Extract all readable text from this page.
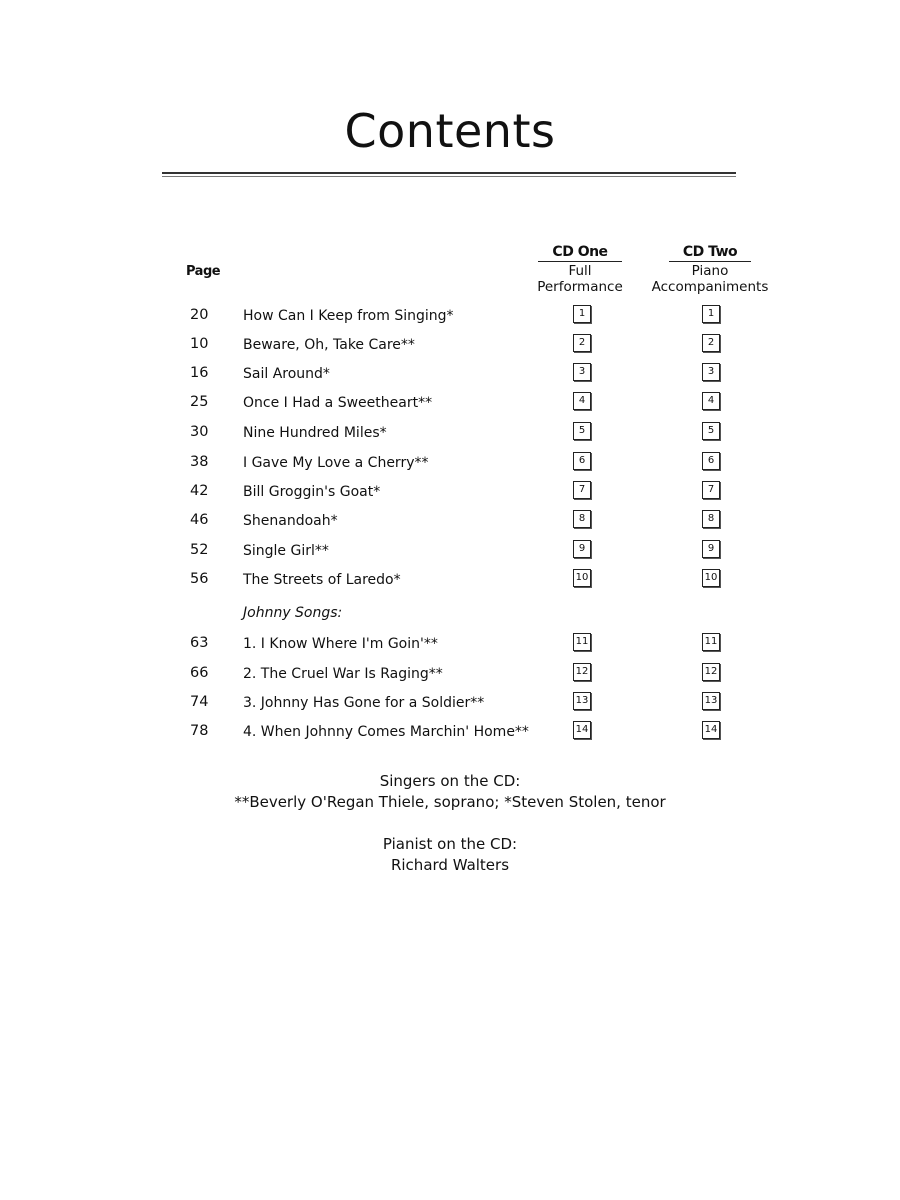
Contents
Page
CD One
Full
Performance
CD Two
Piano
Accompaniments
20	How Can I Keep from Singing*	1	1
10	Beware, Oh, Take Care**	2	2
16	Sail Around*	3	3
25	Once I Had a Sweetheart**	4	4
30	Nine Hundred Miles*	5	5
38	I Gave My Love a Cherry**	6	6
42	Bill Groggin's Goat*	7	7
46	Shenandoah*	8	8
52	Single Girl**	9	9
56	The Streets of Laredo*	10	10
Johnny Songs:
63	1. I Know Where I'm Goin'**	11	11
66	2. The Cruel War Is Raging**	12	12
74	3. Johnny Has Gone for a Soldier**	13	13
78	4. When Johnny Comes Marchin' Home**	14	14
Singers on the CD:
**Beverly O'Regan Thiele, soprano; *Steven Stolen, tenor
Pianist on the CD:
Richard Walters
